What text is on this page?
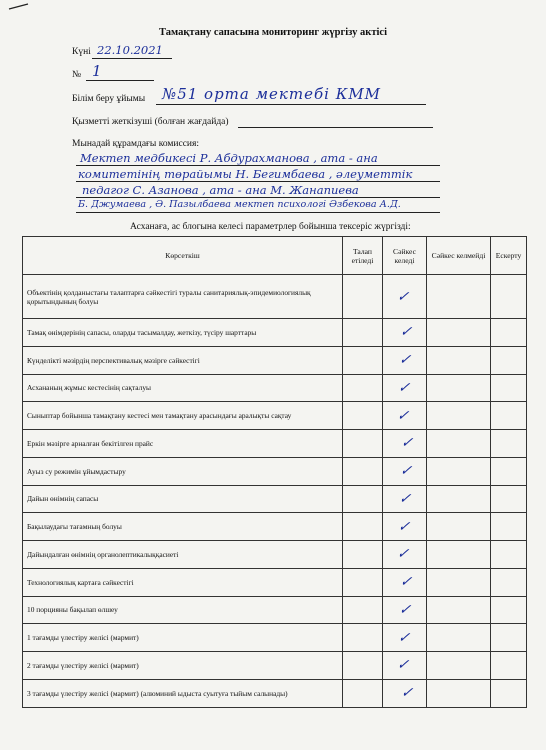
Тамақтану сапасына мониторинг жүргізу актісі
Күні 22.10.2021
№ 1
Білім беру ұйымы №51 орта мектебі КММ
Қызметті жеткізуші (болған жағдайда)
Мынадай құрамдағы комиссия:
Мектеп медбикесі Р. Абдурахманова , ата - ана
комитетінің төрайымы Н. Бегимбаева , әлеуметтік
педагог С. Азанова , ата - ана М. Жанапиева
Б. Джумаева , Ә. Пазылбаева мектеп психологі Әзбекова А.Д.
Асханаға, ас блогына келесі параметрлер бойынша тексеріс жүргізді:
Көрсеткіш	Талап етіледі	Сәйкес келеді	Сәйкес келмейді	Ескерту
Объектінің қолданыстағы талаптарға сәйкестігі туралы санитариялық-эпидемиологиялық қорытындының болуы		✓		
Тамақ өнімдерінің сапасы, оларды тасымалдау, жеткізу, түсіру шарттары		✓		
Күнделікті мәзірдің перспективалық мәзірге сәйкестігі		✓		
Асхананың жұмыс кестесінің сақталуы		✓		
Сыныптар бойынша тамақтану кестесі мен тамақтану арасындағы аралықты сақтау		✓		
Еркін мәзірге арналған бекітілген прайс		✓		
Ауыз су режимін ұйымдастыру		✓		
Дайын өнімнің сапасы		✓		
Бақылаудағы тағамның болуы		✓		
Дайындалған өнімнің органолептикалыққасиеті		✓		
Технологиялық картаға сәйкестігі		✓		
10 порцияны бақылап өлшеу		✓		
1 тағамды үлестіру желісі (мармит)		✓		
2 тағамды үлестіру желісі (мармит)		✓		
3 тағамды үлестіру желісі (мармит) (алюминий ыдыста суытуға тыйым салынады)		✓		
